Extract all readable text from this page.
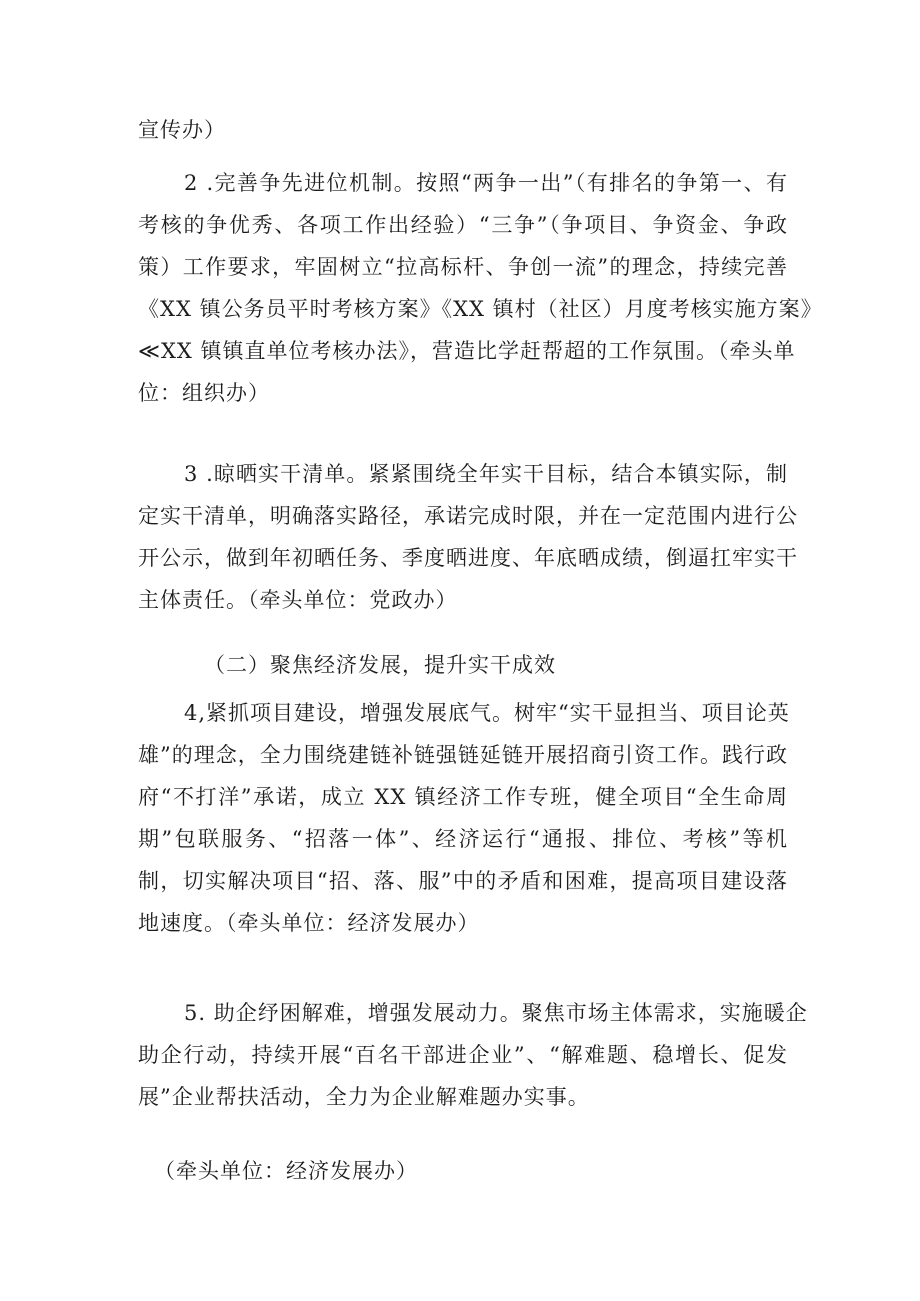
宣传办）
2 .完善争先进位机制。按照“两争一出”（有排名的争第一、有
考核的争优秀、各项工作出经验）“三争”（争项目、争资金、争政
策）工作要求，牢固树立“拉高标杆、争创一流”的理念，持续完善
《XX 镇公务员平时考核方案》《XX 镇村（社区）月度考核实施方案》
≪XX 镇镇直单位考核办法》，营造比学赶帮超的工作氛围。（牵头单
位：组织办）
3 .晾晒实干清单。紧紧围绕全年实干目标，结合本镇实际，制
定实干清单，明确落实路径，承诺完成时限，并在一定范围内进行公
开公示，做到年初晒任务、季度晒进度、年底晒成绩，倒逼扛牢实干
主体责任。（牵头单位：党政办）
（二）聚焦经济发展，提升实干成效
4,紧抓项目建设，增强发展底气。树牢“实干显担当、项目论英
雄”的理念，全力围绕建链补链强链延链开展招商引资工作。践行政
府“不打洋”承诺，成立 XX 镇经济工作专班，健全项目“全生命周
期”包联服务、“招落一体”、经济运行“通报、排位、考核”等机
制，切实解决项目“招、落、服”中的矛盾和困难，提高项目建设落
地速度。（牵头单位：经济发展办）
5. 助企纾困解难，增强发展动力。聚焦市场主体需求，实施暖企
助企行动，持续开展“百名干部进企业”、“解难题、稳增长、促发
展”企业帮扶活动，全力为企业解难题办实事。
（牵头单位：经济发展办）
